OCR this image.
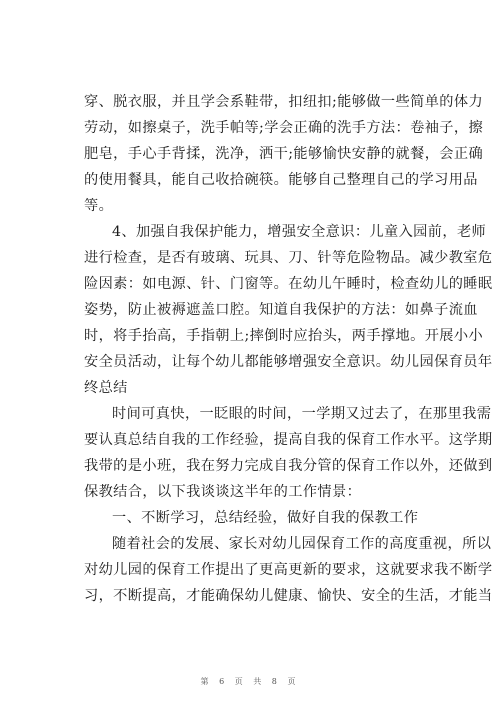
穿、脱衣服，并且学会系鞋带，扣纽扣;能够做一些简单的体力
劳动，如擦桌子，洗手帕等;学会正确的洗手方法：卷袖子，擦
肥皂，手心手背揉，洗净，洒干;能够愉快安静的就餐，会正确
的使用餐具，能自己收拾碗筷。能够自己整理自己的学习用品
等。
4、加强自我保护能力，增强安全意识：儿童入园前，老师
进行检查，是否有玻璃、玩具、刀、针等危险物品。减少教室危
险因素：如电源、针、门窗等。在幼儿午睡时，检查幼儿的睡眠
姿势，防止被褥遮盖口腔。知道自我保护的方法：如鼻子流血
时，将手抬高，手指朝上;摔倒时应抬头，两手撑地。开展小小
安全员活动，让每个幼儿都能够增强安全意识。幼儿园保育员年
终总结
时间可真快，一眨眼的时间，一学期又过去了，在那里我需
要认真总结自我的工作经验，提高自我的保育工作水平。这学期
我带的是小班，我在努力完成自我分管的保育工作以外，还做到
保教结合，以下我谈谈这半年的工作情景：
一、不断学习，总结经验，做好自我的保教工作
随着社会的发展、家长对幼儿园保育工作的高度重视，所以
对幼儿园的保育工作提出了更高更新的要求，这就要求我不断学
习，不断提高，才能确保幼儿健康、愉快、安全的生活，才能当
第 6 页 共 8 页
